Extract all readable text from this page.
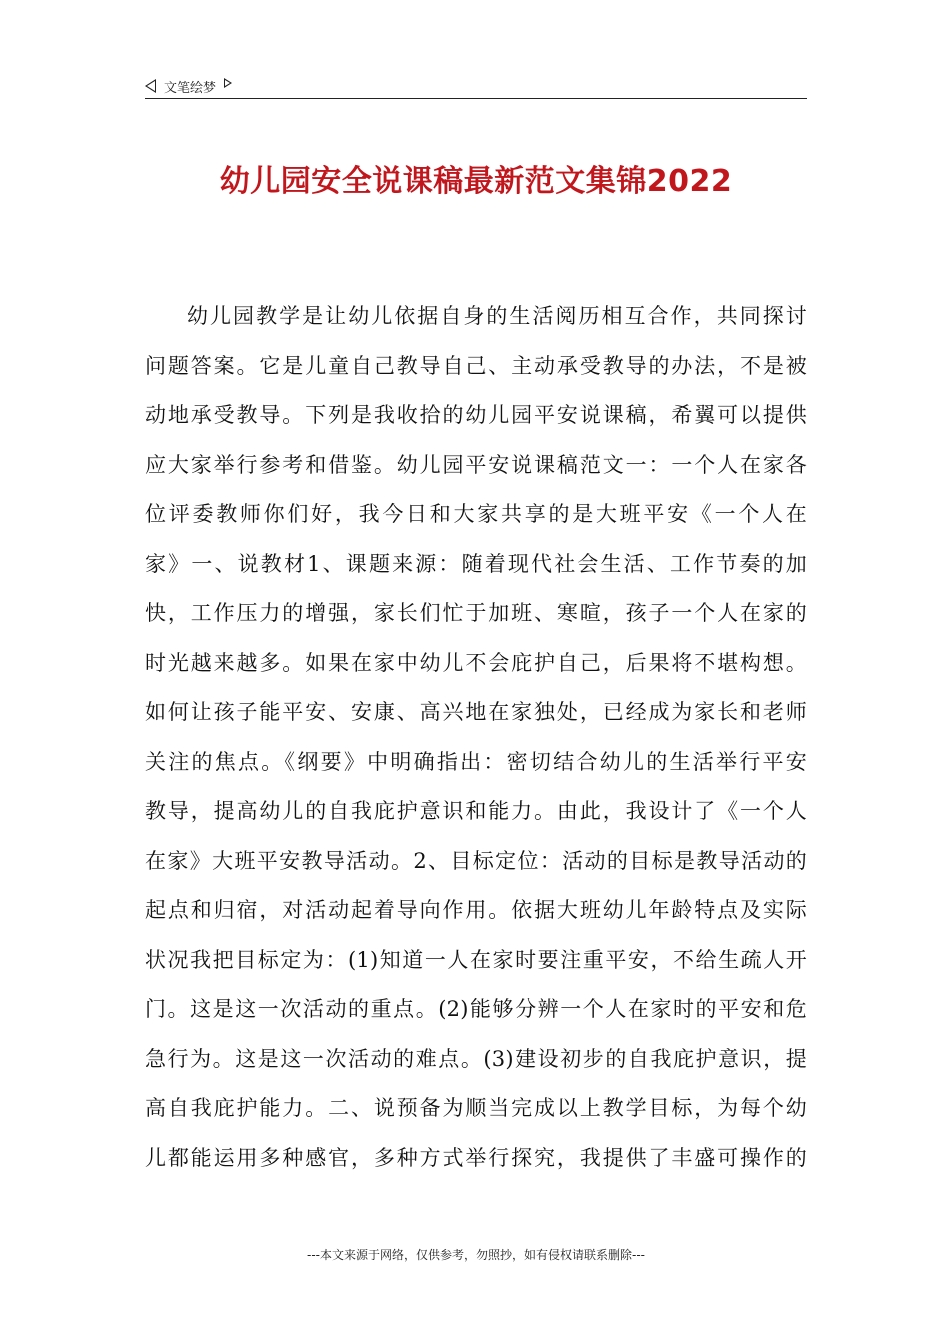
文笔绘梦
幼儿园安全说课稿最新范文集锦2022
幼儿园教学是让幼儿依据自身的生活阅历相互合作，共同探讨
问题答案。它是儿童自己教导自己、主动承受教导的办法，不是被
动地承受教导。下列是我收拾的幼儿园平安说课稿，希翼可以提供
应大家举行参考和借鉴。幼儿园平安说课稿范文一：一个人在家各
位评委教师你们好，我今日和大家共享的是大班平安《一个人在
家》一、说教材1、课题来源：随着现代社会生活、工作节奏的加
快，工作压力的增强，家长们忙于加班、寒暄，孩子一个人在家的
时光越来越多。如果在家中幼儿不会庇护自己，后果将不堪构想。
如何让孩子能平安、安康、高兴地在家独处，已经成为家长和老师
关注的焦点。《纲要》中明确指出：密切结合幼儿的生活举行平安
教导，提高幼儿的自我庇护意识和能力。由此，我设计了《一个人
在家》大班平安教导活动。2、目标定位：活动的目标是教导活动的
起点和归宿，对活动起着导向作用。依据大班幼儿年龄特点及实际
状况我把目标定为：(1)知道一人在家时要注重平安，不给生疏人开
门。这是这一次活动的重点。(2)能够分辨一个人在家时的平安和危
急行为。这是这一次活动的难点。(3)建设初步的自我庇护意识，提
高自我庇护能力。二、说预备为顺当完成以上教学目标，为每个幼
儿都能运用多种感官，多种方式举行探究，我提供了丰盛可操作的
---本文来源于网络，仅供参考，勿照抄，如有侵权请联系删除---
